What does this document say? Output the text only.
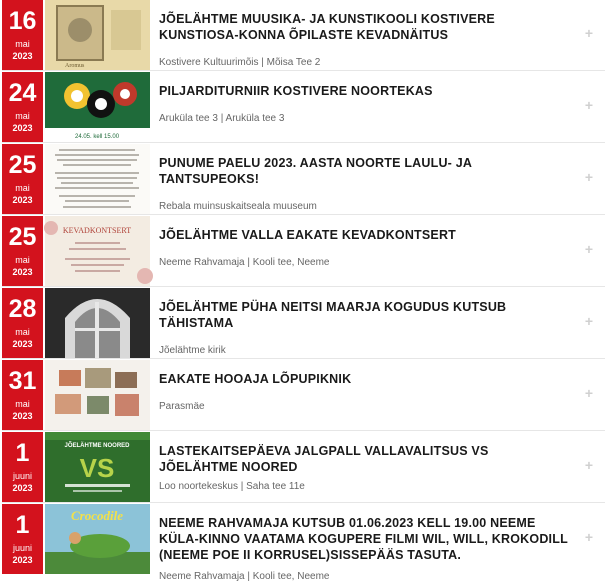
16
mai
2023
Aromus
JÕELÄHTME MUUSIKA- JA KUNSTIKOOLI KOSTIVERE KUNSTIOSA-KONNA ÕPILASTE KEVADNÄITUS
Kostivere Kultuurimõis | Mõisa Tee 2
+
24
mai
2023
24.05. kell 15.00
PILJARDITURNIIR KOSTIVERE NOORTEKAS
Aruküla tee 3 | Aruküla tee 3
+
25
mai
2023
PUNUME PAELU 2023. AASTA NOORTE LAULU- JA TANTSUPEOKS!
Rebala muinsuskaitseala muuseum
+
25
mai
2023
KEVADKONTSERT JÕELÄHTME VALLA EAKATE KEVADKONTSERT
Neeme Rahvamaja | Kooli tee, Neeme
+
28
mai
2023
JÕELÄHTME PÜHA NEITSI MAARJA KOGUDUS KUTSUB TÄHISTAMA
Jõelähtme kirik
+
31
mai
2023
EAKATE HOOAJA LÕPUPIKNIK
Parasmäe
+
1
juuni
2023
JÕELÄHTME NOORED
VS
LASTEKAITSEPÄEVA JALGPALL VALLAVALITSUS VS JÕELÄHTME NOORED
Loo noortekeskus | Saha tee 11e
+
1
juuni
2023
Crocodile	NEEME RAHVAMAJA KUTSUB 01.06.2023 KELL 19.00 NEEME KÜLA-KINNO VAATAMA KOGUPERE FILMI WIL, WILL, KROKODILL (NEEME POE II KORRUSEL)SISSEPÄÄS TASUTA.
Neeme Rahvamaja | Kooli tee, Neeme
+
